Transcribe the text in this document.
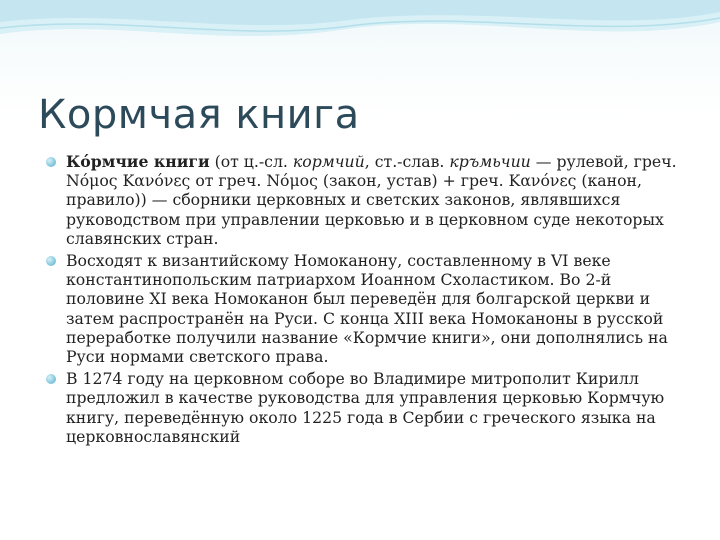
Кормчая книга
Ко́рмчие книги (от ц.-сл. кормчий, ст.-слав. кръмьчии — рулевой, греч. Νόμος Κανόνες от греч. Νόμος (закон, устав) + греч. Κανόνες (канон, правило)) — сборники церковных и светских законов, являвшихся руководством при управлении церковью и в церковном суде некоторых славянских стран.
Восходят к византийскому Номоканону, составленному в VI веке константинопольским патриархом Иоанном Схоластиком. Во 2-й половине XI века Номоканон был переведён для болгарской церкви и затем распространён на Руси. С конца XIII века Номоканоны в русской переработке получили название «Кормчие книги», они дополнялись на Руси нормами светского права.
В 1274 году на церковном соборе во Владимире митрополит Кирилл предложил в качестве руководства для управления церковью Кормчую книгу, переведённую около 1225 года в Сербии с греческого языка на церковнославянский
